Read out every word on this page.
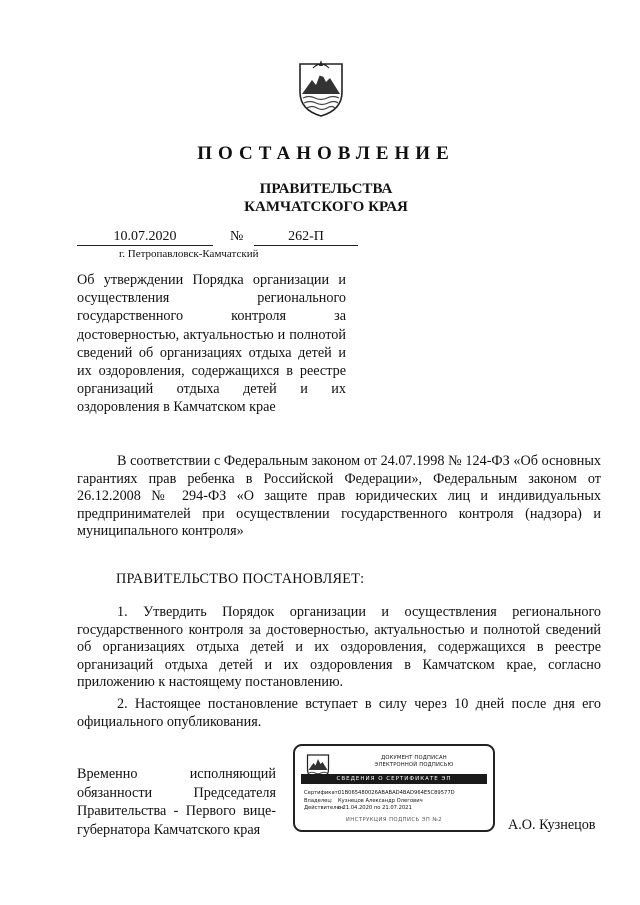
ПОСТАНОВЛЕНИЕ
ПРАВИТЕЛЬСТВА
КАМЧАТСКОГО КРАЯ
10.07.2020	№	262-П
г. Петропавловск-Камчатский
Об утверждении Порядка организации и осуществления регионального государственного контроля за достоверностью, актуальностью и полнотой сведений об организациях отдыха детей и их оздоровления, содержащихся в реестре организаций отдыха детей и их оздоровления в Камчатском крае
В соответствии с Федеральным законом от 24.07.1998 № 124-ФЗ «Об основных гарантиях прав ребенка в Российской Федерации», Федеральным законом от 26.12.2008 № 294-ФЗ «О защите прав юридических лиц и индивидуальных предпринимателей при осуществлении государственного контроля (надзора) и муниципального контроля»
ПРАВИТЕЛЬСТВО ПОСТАНОВЛЯЕТ:
1. Утвердить Порядок организации и осуществления регионального государственного контроля за достоверностью, актуальностью и полнотой сведений об организациях отдыха детей и их оздоровления, содержащихся в реестре организаций отдыха детей и их оздоровления в Камчатском крае, согласно приложению к настоящему постановлению.
2. Настоящее постановление вступает в силу через 10 дней после дня его официального опубликования.
Временно исполняющий
обязанности Председателя
Правительства - Первого вице-
губернатора Камчатского края
ДОКУМЕНТ ПОДПИСАН
ЭЛЕКТРОННОЙ ПОДПИСЬЮ
СВЕДЕНИЯ О СЕРТИФИКАТЕ ЭП
Сертификат:
01B065480026ABABAD4BAD964E5C89577D
Владелец:	Кузнецов Александр Олегович
Действителен:
с 21.04.2020 по 21.07.2021
ИНСТРУКЦИЯ ПОДПИСЬ ЭП №2	А.О. Кузнецов
